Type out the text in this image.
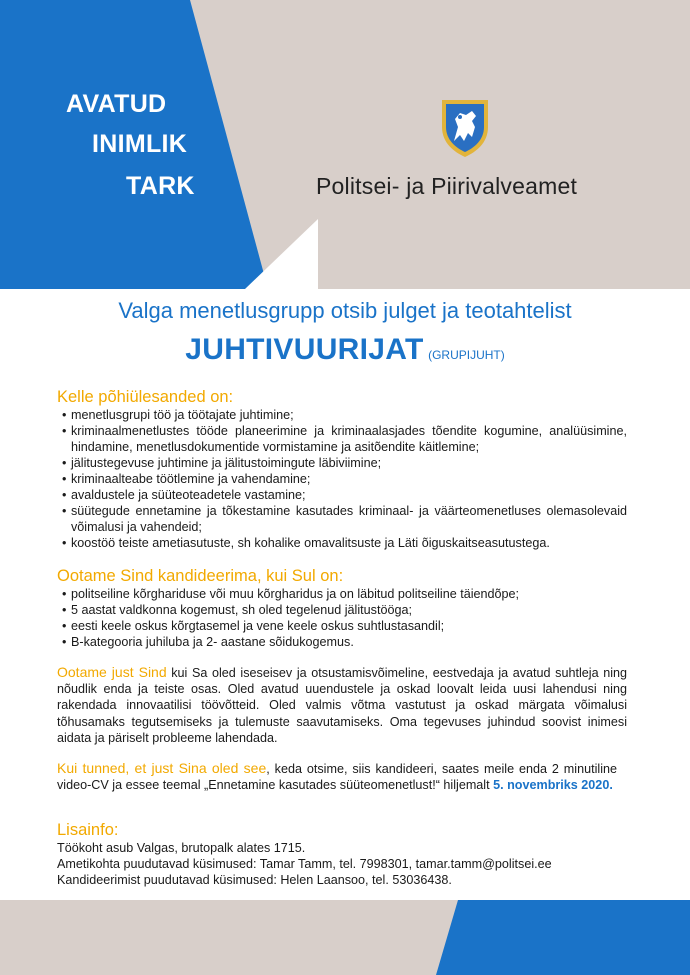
AVATUD
INIMLIK
TARK	Politsei- ja Piirivalveamet
Valga menetlusgrupp otsib julget ja teotahtelist
JUHTIVUURIJAT (GRUPIJUHT)
Kelle põhiülesanded on:
• menetlusgrupi töö ja töötajate juhtimine;
• kriminaalmenetlustes tööde planeerimine ja kriminaalasjades tõendite kogumine, analüüsimine, hindamine, menetlusdokumentide vormistamine ja asitõendite käitlemine;
• jälitustegevuse juhtimine ja jälitustoimingute läbiviimine;
• kriminaalteabe töötlemine ja vahendamine;
• avaldustele ja süüteoteadetele vastamine;
• süütegude ennetamine ja tõkestamine kasutades kriminaal- ja väärteomenetluses olemasolevaid võimalusi ja vahendeid;
• koostöö teiste ametiasutuste, sh kohalike omavalitsuste ja Läti õiguskaitseasutustega.
Ootame Sind kandideerima, kui Sul on:
• politseiline kõrghariduse või muu kõrgharidus ja on läbitud politseiline täiendõpe;
• 5 aastat valdkonna kogemust, sh oled tegelenud jälitustööga;
• eesti keele oskus kõrgtasemel ja vene keele oskus suhtlustasandil;
• B-kategooria juhiluba ja 2- aastane sõidukogemus.
Ootame just Sind kui Sa oled iseseisev ja otsustamisvõimeline, eestvedaja ja avatud suhtleja ning nõudlik enda ja teiste osas. Oled avatud uuendustele ja oskad loovalt leida uusi lahendusi ning rakendada innovaatilisi töövõtteid. Oled valmis võtma vastutust ja oskad märgata võimalusi tõhusamaks tegutsemiseks ja tulemuste saavutamiseks. Oma tegevuses juhindud soovist inimesi aidata ja päriselt probleeme lahendada.
Kui tunned, et just Sina oled see, keda otsime, siis kandideeri, saates meile enda 2 minutiline video-CV ja essee teemal „Ennetamine kasutades süüteomenetlust!“ hiljemalt 5. novembriks 2020.
Lisainfo:
Töökoht asub Valgas, brutopalk alates 1715.
Ametikohta puudutavad küsimused: Tamar Tamm, tel. 7998301, tamar.tamm@politsei.ee
Kandideerimist puudutavad küsimused: Helen Laansoo, tel. 53036438.
